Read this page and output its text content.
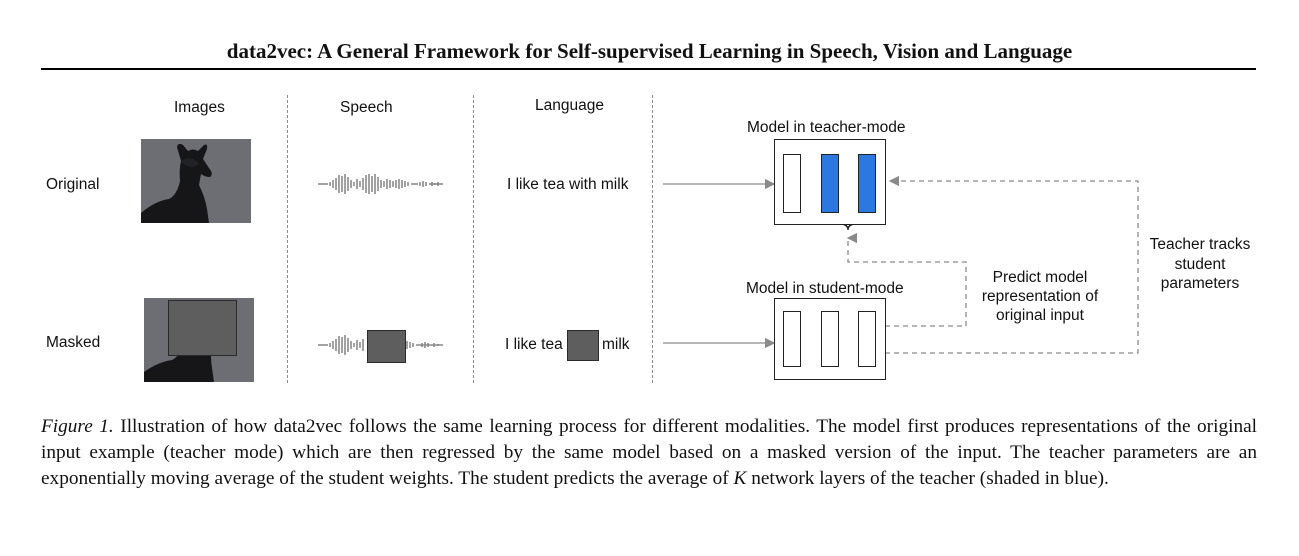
data2vec: A General Framework for Self-supervised Learning in Speech, Vision and Language
Images	Speech	Language
Original
Masked
I like tea with milk
I like tea	milk
Model in teacher-mode
Model in student-mode
Predict model
representation of
original input
Teacher tracks
student
parameters
Figure 1. Illustration of how data2vec follows the same learning process for different modalities. The model first produces representations of the original input example (teacher mode) which are then regressed by the same model based on a masked version of the input. The teacher parameters are an exponentially moving average of the student weights. The student predicts the average of K network layers of the teacher (shaded in blue).
